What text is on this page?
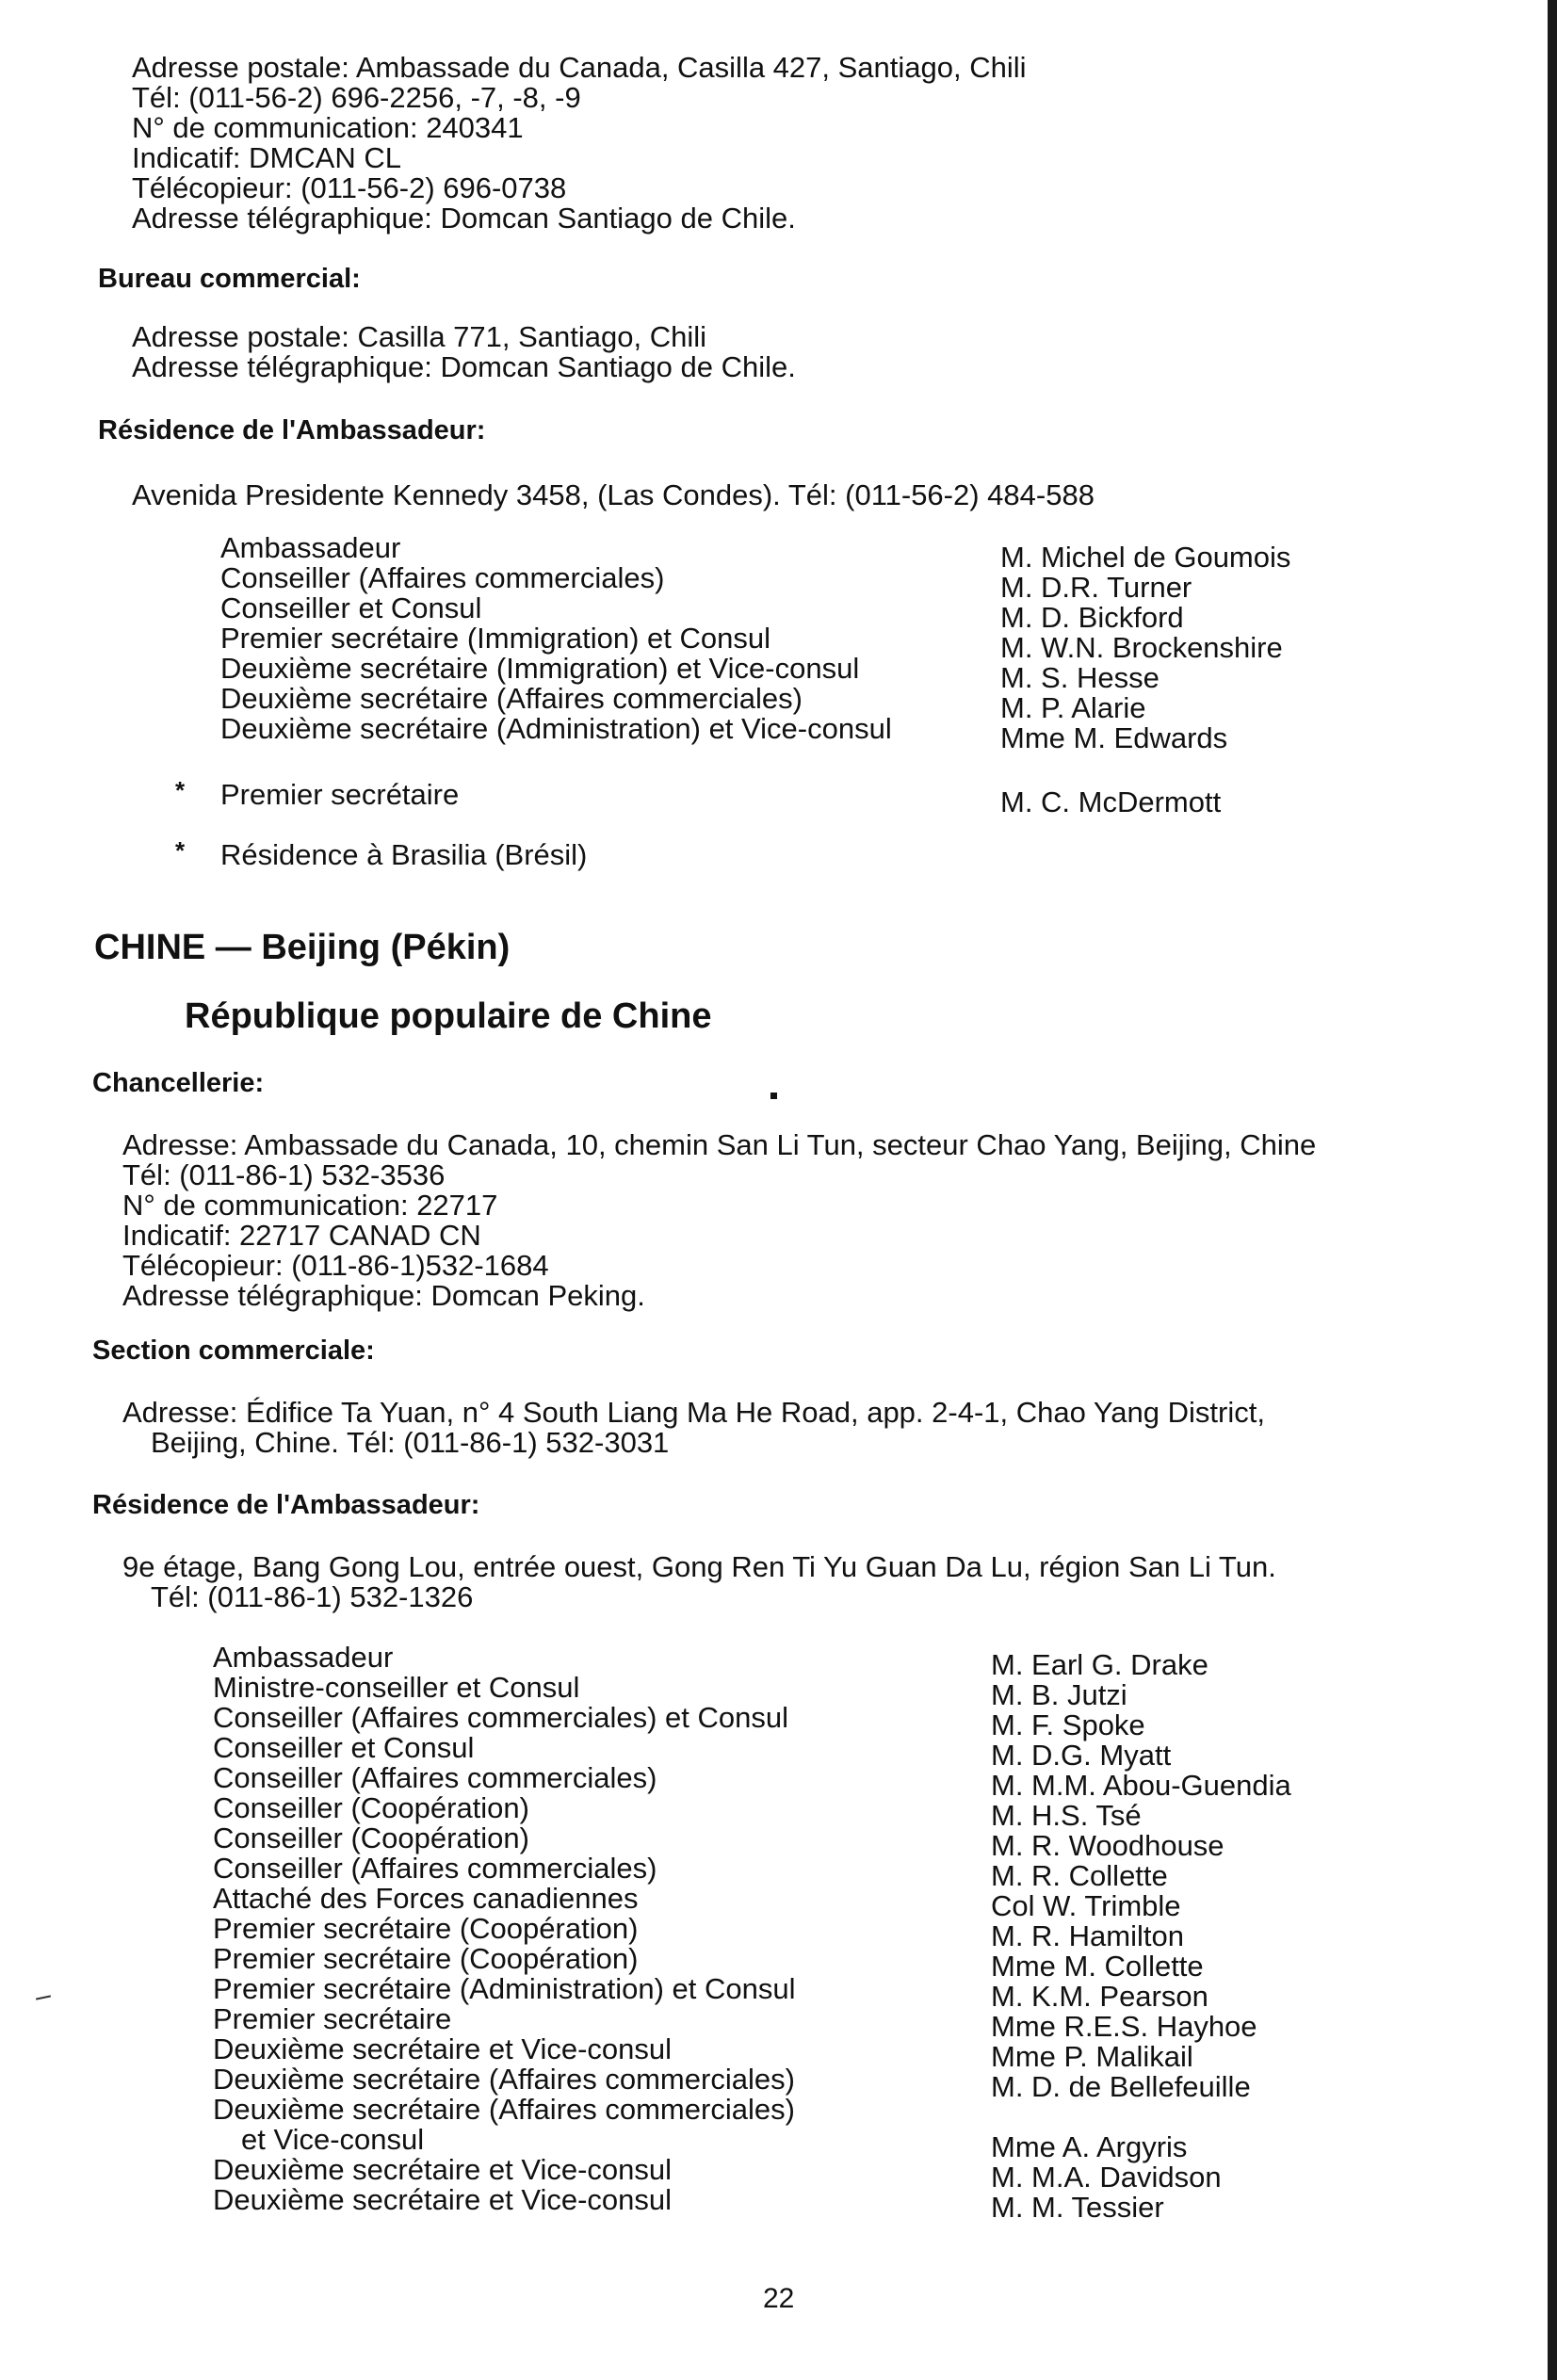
Adresse postale: Ambassade du Canada, Casilla 427, Santiago, Chili
Tél: (011-56-2) 696-2256, -7, -8, -9
N° de communication: 240341
Indicatif: DMCAN CL
Télécopieur: (011-56-2) 696-0738
Adresse télégraphique: Domcan Santiago de Chile.
Bureau commercial:
Adresse postale: Casilla 771, Santiago, Chili
Adresse télégraphique: Domcan Santiago de Chile.
Résidence de l'Ambassadeur:
Avenida Presidente Kennedy 3458, (Las Condes). Tél: (011-56-2) 484-588
Ambassadeur
Conseiller (Affaires commerciales)
Conseiller et Consul
Premier secrétaire (Immigration) et Consul
Deuxième secrétaire (Immigration) et Vice-consul
Deuxième secrétaire (Affaires commerciales)
Deuxième secrétaire (Administration) et Vice-consul
M. Michel de Goumois
M. D.R. Turner
M. D. Bickford
M. W.N. Brockenshire
M. S. Hesse
M. P. Alarie
Mme M. Edwards
* Premier secrétaire	M. C. McDermott
* Résidence à Brasilia (Brésil)
CHINE — Beijing (Pékin)
République populaire de Chine
Chancellerie:
Adresse: Ambassade du Canada, 10, chemin San Li Tun, secteur Chao Yang, Beijing, Chine
Tél: (011-86-1) 532-3536
N° de communication: 22717
Indicatif: 22717 CANAD CN
Télécopieur: (011-86-1)532-1684
Adresse télégraphique: Domcan Peking.
Section commerciale:
Adresse: Édifice Ta Yuan, n° 4 South Liang Ma He Road, app. 2-4-1, Chao Yang District,
Beijing, Chine. Tél: (011-86-1) 532-3031
Résidence de l'Ambassadeur:
9e étage, Bang Gong Lou, entrée ouest, Gong Ren Ti Yu Guan Da Lu, région San Li Tun.
Tél: (011-86-1) 532-1326
Ambassadeur
Ministre-conseiller et Consul
Conseiller (Affaires commerciales) et Consul
Conseiller et Consul
Conseiller (Affaires commerciales)
Conseiller (Coopération)
Conseiller (Coopération)
Conseiller (Affaires commerciales)
Attaché des Forces canadiennes
Premier secrétaire (Coopération)
Premier secrétaire (Coopération)
Premier secrétaire (Administration) et Consul
Premier secrétaire
Deuxième secrétaire et Vice-consul
Deuxième secrétaire (Affaires commerciales)
Deuxième secrétaire (Affaires commerciales)
et Vice-consul
Deuxième secrétaire et Vice-consul
Deuxième secrétaire et Vice-consul
M. Earl G. Drake
M. B. Jutzi
M. F. Spoke
M. D.G. Myatt
M. M.M. Abou-Guendia
M. H.S. Tsé
M. R. Woodhouse
M. R. Collette
Col W. Trimble
M. R. Hamilton
Mme M. Collette
M. K.M. Pearson
Mme R.E.S. Hayhoe
Mme P. Malikail
M. D. de Bellefeuille
Mme A. Argyris
M. M.A. Davidson
M. M. Tessier
22
